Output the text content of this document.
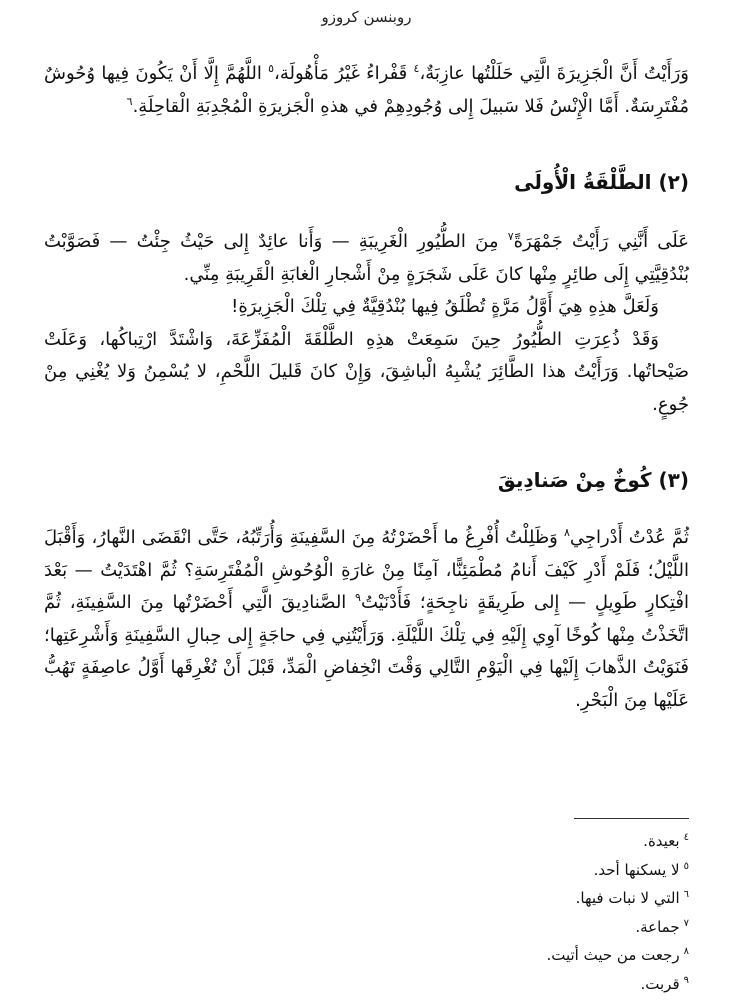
روبنسن كروزو

وَرَأَيْتُ أَنَّ الْجَزِيرَةَ الَّتِي حَلَلْتُها عازِبَةٌ،$^٤$ قَفْراءُ غَيْرُ مَأْهُولَة،$^٥$ اللَّهُمَّ إِلَّا أَنْ يَكُونَ فِيها وُحُوشٌ مُفْتَرِسَةٌ. أَمَّا الْإِنْسُ فَلا سَبيلَ إِلى وُجُودِهِمْ في هذهِ الْجَزيرَةِ الْمُجْدِبَةِ الْقاحِلَةِ.$^٦$

(٢) الطَّلْقَةُ الْأُولَى

عَلَى أَنَّنِي رَأَيْتُ جَمْهَرَةً$^٧$ مِنَ الطُّيُورِ الْغَرِيبَةِ — وَأَنا عائِدٌ إِلى حَيْثُ جِئْتُ — فَصَوَّبْتُ بُنْدُقِيَّتِي إِلَى طائِرٍ مِنْها كانَ عَلَى شَجَرَةٍ مِنْ أَشْجارِ الْغابَةِ الْقَرِيبَةِ مِنِّي.

وَلَعَلَّ هذِهِ هِيَ أَوَّلُ مَرَّةٍ تُطْلَقُ فِيها بُنْدُقِيَّةٌ فِي تِلْكَ الْجَزِيرَةِ!

وَقَدْ ذُعِرَتِ الطُّيُورُ حِينَ سَمِعَتْ هذِهِ الطَّلْقَةَ الْمُفَزِّعَةَ، وَاشْتَدَّ ارْتِباكُها، وَعَلَتْ صَيْحاتُها. وَرَأَيْتُ هذا الطَّائِرَ يُشْبِهُ الْباشِقَ، وَإِنْ كانَ قَليلَ اللَّحْمِ، لا يُسْمِنُ وَلا يُغْنِي مِنْ جُوعٍ.

(٣) كُوخٌ مِنْ صَنادِيقَ

ثُمَّ عُدْتُ أَدْراجِي$^٨$ وَظَلِلْتُ أُفْرِغُ ما أَحْضَرْتُهُ مِنَ السَّفِينَةِ وَأُرَتِّبُهُ، حَتَّى انْقَضَى النَّهارُ، وَأَقْبَلَ اللَّيْلُ؛ فَلَمْ أَدْرِ كَيْفَ أَنامُ مُطْمَئِنًّا، آمِنًا مِنْ غارَةِ الْوُحُوشِ الْمُفْتَرِسَةِ؟ ثُمَّ اهْتَدَيْتُ — بَعْدَ افْتِكارٍ طَوِيلٍ — إِلى طَرِيقَةٍ ناجِحَةٍ؛ فَأَدْنَيْتُ$^٩$ الصَّنادِيقَ الَّتِي أَحْضَرْتُها مِنَ السَّفِينَةِ، ثُمَّ اتَّخَذْتُ مِنْها كُوخًا آوِي إِلَيْهِ فِي تِلْكَ اللَّيْلَةِ. وَرَأَيْتُنِي فِي حاجَةٍ إِلى حِبالِ السَّفِينَةِ وَأَشْرِعَتِها؛ فَنَوَيْتُ الذَّهابَ إِلَيْها فِي الْيَوْمِ التَّالِي وَقْتَ انْخِفاضِ الْمَدِّ، قَبْلَ أَنْ تُغْرِقَها أَوَّلُ عاصِفَةٍ تَهُبُّ عَلَيْها مِنَ الْبَحْرِ.

$^٤$بعيدة.
$^٥$لا يسكنها أحد.
$^٦$التي لا نبات فيها.
$^٧$جماعة.
$^٨$رجعت من حيث أتيت.
$^٩$قربت.
